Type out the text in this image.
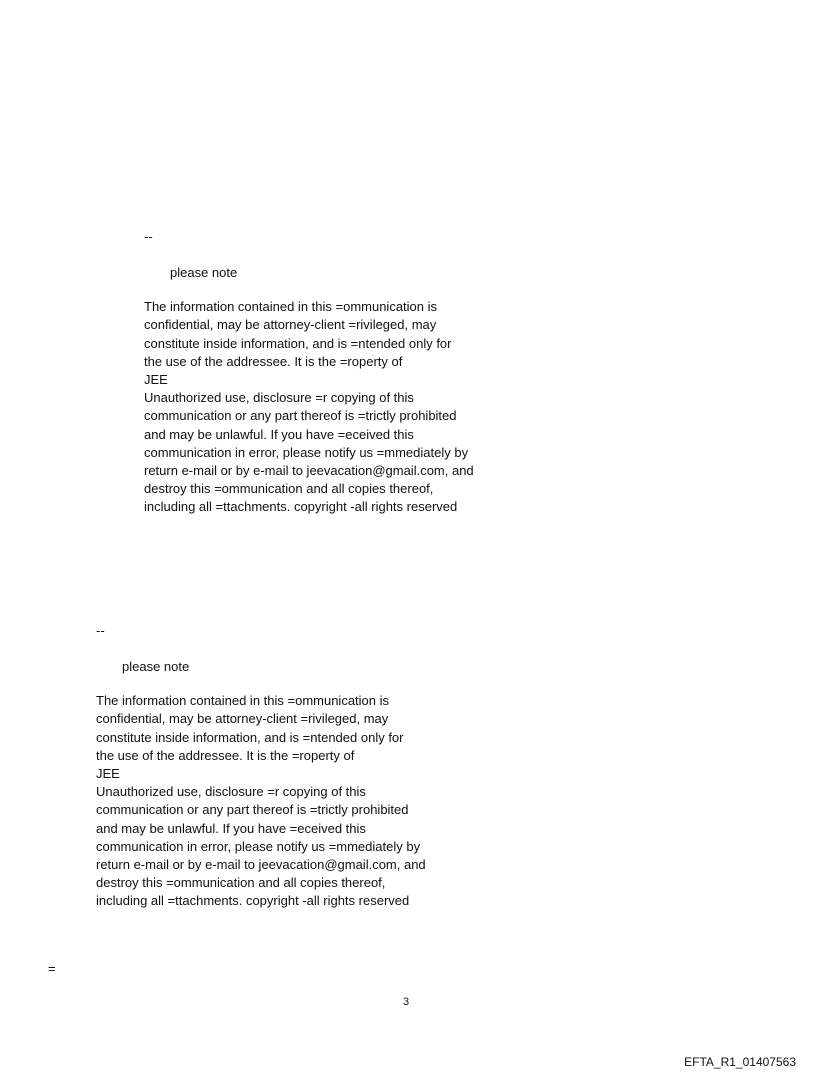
--
please note
The information contained in this =ommunication is
confidential, may be attorney-client =rivileged, may
constitute inside information, and is =ntended only for
the use of the addressee. It is the =roperty of
JEE
Unauthorized use, disclosure =r copying of this
communication or any part thereof is =trictly prohibited
and may be unlawful. If you have =eceived this
communication in error, please notify us =mmediately by
return e-mail or by e-mail to jeevacation@gmail.com, and
destroy this =ommunication and all copies thereof,
including all =ttachments. copyright -all rights reserved
--
please note
The information contained in this =ommunication is
confidential, may be attorney-client =rivileged, may
constitute inside information, and is =ntended only for
the use of the addressee. It is the =roperty of
JEE
Unauthorized use, disclosure =r copying of this
communication or any part thereof is =trictly prohibited
and may be unlawful. If you have =eceived this
communication in error, please notify us =mmediately by
return e-mail or by e-mail to jeevacation@gmail.com, and
destroy this =ommunication and all copies thereof,
including all =ttachments. copyright -all rights reserved
=
3
EFTA_R1_01407563
